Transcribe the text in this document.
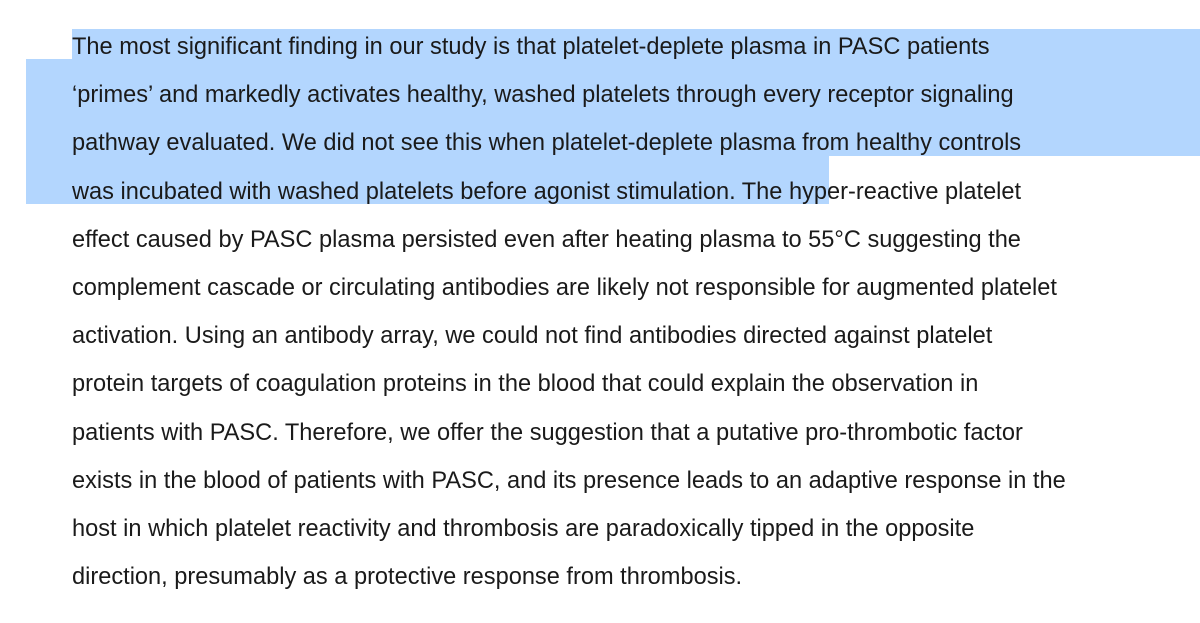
The most significant finding in our study is that platelet-deplete plasma in PASC patients
‘primes’ and markedly activates healthy, washed platelets through every receptor signaling
pathway evaluated. We did not see this when platelet-deplete plasma from healthy controls
was incubated with washed platelets before agonist stimulation. The hyper-reactive platelet
effect caused by PASC plasma persisted even after heating plasma to 55°C suggesting the
complement cascade or circulating antibodies are likely not responsible for augmented platelet
activation. Using an antibody array, we could not find antibodies directed against platelet
protein targets of coagulation proteins in the blood that could explain the observation in
patients with PASC. Therefore, we offer the suggestion that a putative pro-thrombotic factor
exists in the blood of patients with PASC, and its presence leads to an adaptive response in the
host in which platelet reactivity and thrombosis are paradoxically tipped in the opposite
direction, presumably as a protective response from thrombosis.
